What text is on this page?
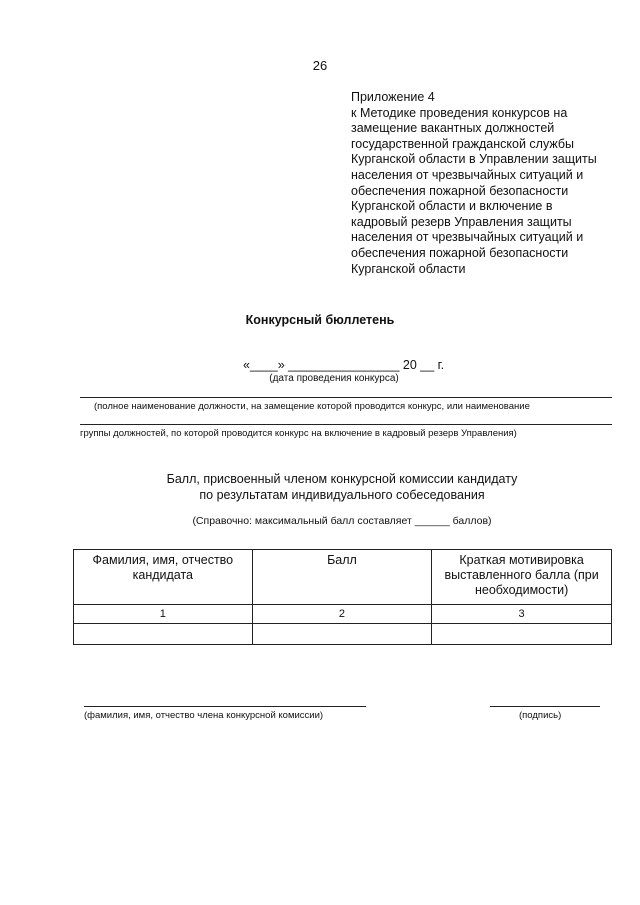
26
Приложение 4
к Методике проведения конкурсов на
замещение вакантных должностей
государственной гражданской службы
Курганской области в Управлении защиты
населения от чрезвычайных ситуаций и
обеспечения пожарной безопасности
Курганской области и включение в
кадровый резерв Управления защиты
населения от чрезвычайных ситуаций и
обеспечения пожарной безопасности
Курганской области
Конкурсный бюллетень
«____» ________________ 20 __ г.
(дата проведения конкурса)
(полное наименование должности, на замещение которой проводится конкурс, или наименование
группы должностей, по которой проводится конкурс на включение в кадровый резерв Управления)
Балл, присвоенный членом конкурсной комиссии кандидату
по результатам индивидуального собеседования
(Справочно: максимальный балл составляет ______ баллов)
Фамилия, имя, отчество кандидата	Балл	Краткая мотивировка выставленного балла (при необходимости)
1	2	3

(фамилия, имя, отчество члена конкурсной комиссии)	(подпись)
